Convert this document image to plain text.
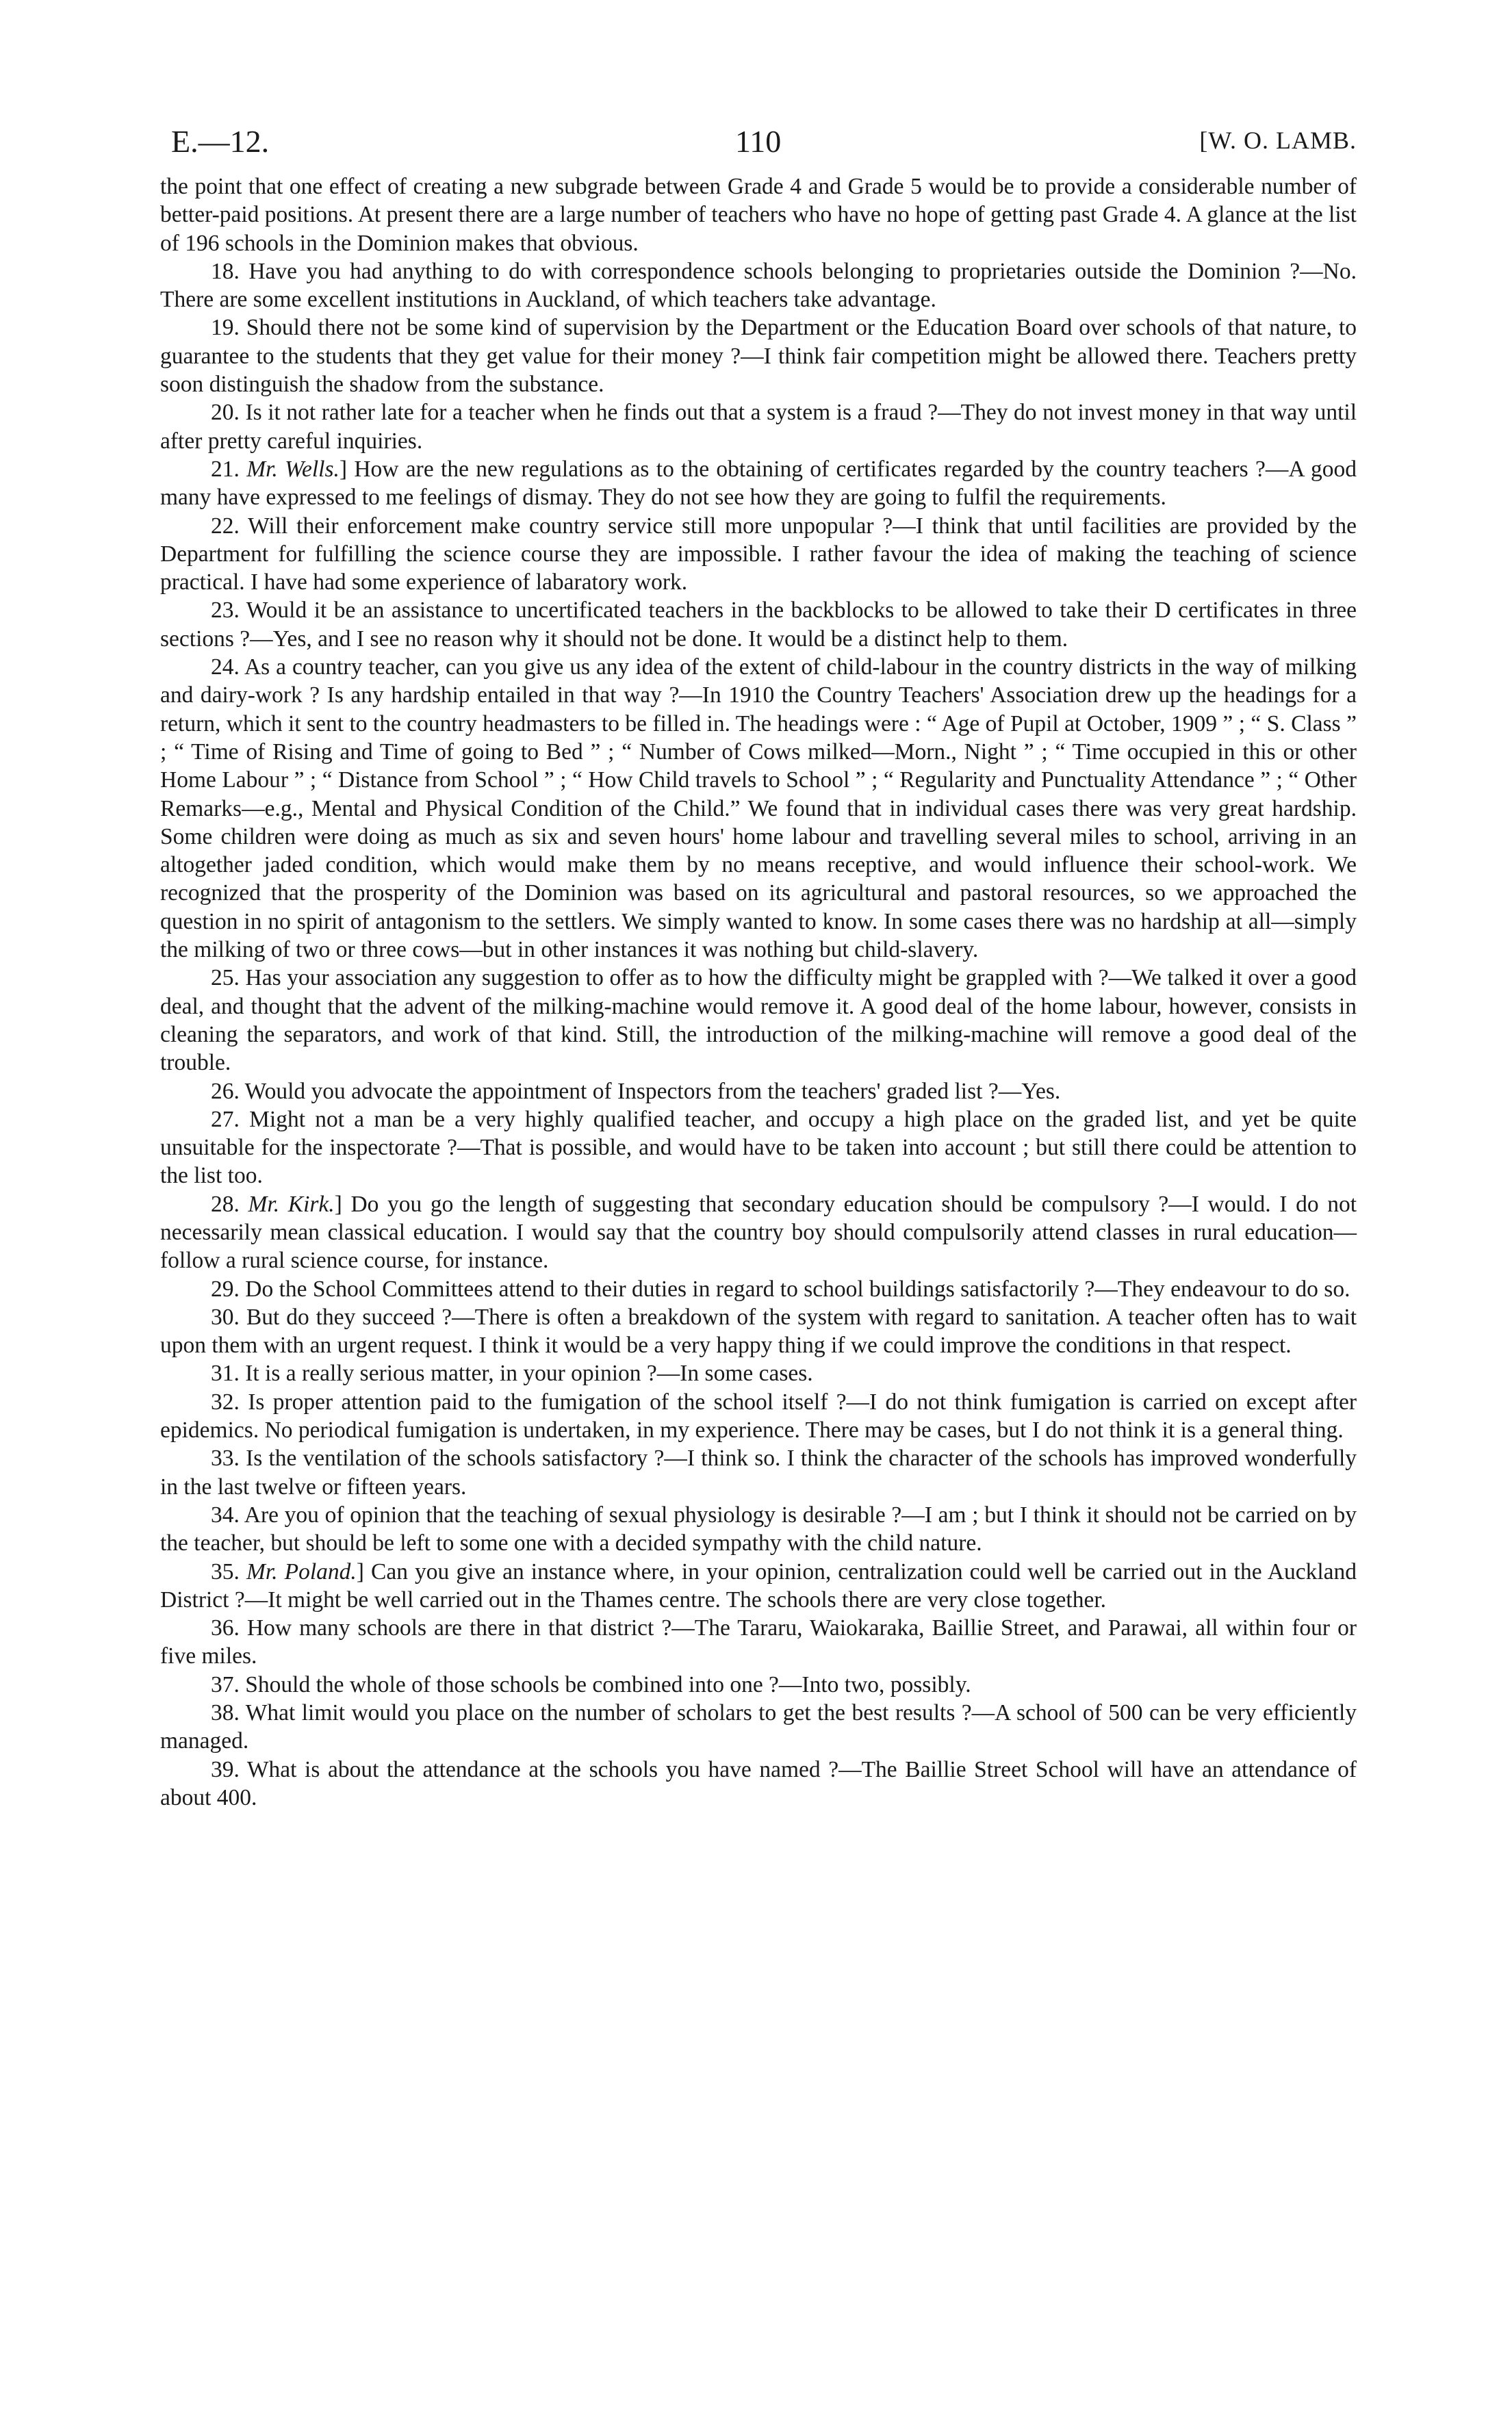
E.—12.	110	[W. O. LAMB.

the point that one effect of creating a new subgrade between Grade 4 and Grade 5 would be to provide a considerable number of better-paid positions. At present there are a large number of teachers who have no hope of getting past Grade 4. A glance at the list of 196 schools in the Dominion makes that obvious.

18. Have you had anything to do with correspondence schools belonging to proprietaries outside the Dominion ?—No. There are some excellent institutions in Auckland, of which teachers take advantage.

19. Should there not be some kind of supervision by the Department or the Education Board over schools of that nature, to guarantee to the students that they get value for their money ?—I think fair competition might be allowed there. Teachers pretty soon distinguish the shadow from the substance.

20. Is it not rather late for a teacher when he finds out that a system is a fraud ?—They do not invest money in that way until after pretty careful inquiries.

21. Mr. Wells.] How are the new regulations as to the obtaining of certificates regarded by the country teachers ?—A good many have expressed to me feelings of dismay. They do not see how they are going to fulfil the requirements.

22. Will their enforcement make country service still more unpopular ?—I think that until facilities are provided by the Department for fulfilling the science course they are impossible. I rather favour the idea of making the teaching of science practical. I have had some experience of labaratory work.

23. Would it be an assistance to uncertificated teachers in the backblocks to be allowed to take their D certificates in three sections ?—Yes, and I see no reason why it should not be done. It would be a distinct help to them.

24. As a country teacher, can you give us any idea of the extent of child-labour in the country districts in the way of milking and dairy-work ? Is any hardship entailed in that way ?—In 1910 the Country Teachers' Association drew up the headings for a return, which it sent to the country headmasters to be filled in. The headings were : “ Age of Pupil at October, 1909 ” ; “ S. Class ” ; “ Time of Rising and Time of going to Bed ” ; “ Number of Cows milked—Morn., Night ” ; “ Time occupied in this or other Home Labour ” ; “ Distance from School ” ; “ How Child travels to School ” ; “ Regularity and Punctuality Attendance ” ; “ Other Remarks—e.g., Mental and Physical Condition of the Child.” We found that in individual cases there was very great hardship. Some children were doing as much as six and seven hours' home labour and travelling several miles to school, arriving in an altogether jaded condition, which would make them by no means receptive, and would influence their school-work. We recognized that the prosperity of the Dominion was based on its agricultural and pastoral resources, so we approached the question in no spirit of antagonism to the settlers. We simply wanted to know. In some cases there was no hardship at all—simply the milking of two or three cows—but in other instances it was nothing but child-slavery.

25. Has your association any suggestion to offer as to how the difficulty might be grappled with ?—We talked it over a good deal, and thought that the advent of the milking-machine would remove it. A good deal of the home labour, however, consists in cleaning the separators, and work of that kind. Still, the introduction of the milking-machine will remove a good deal of the trouble.

26. Would you advocate the appointment of Inspectors from the teachers' graded list ?—Yes.

27. Might not a man be a very highly qualified teacher, and occupy a high place on the graded list, and yet be quite unsuitable for the inspectorate ?—That is possible, and would have to be taken into account ; but still there could be attention to the list too.

28. Mr. Kirk.] Do you go the length of suggesting that secondary education should be compulsory ?—I would. I do not necessarily mean classical education. I would say that the country boy should compulsorily attend classes in rural education—follow a rural science course, for instance.

29. Do the School Committees attend to their duties in regard to school buildings satisfactorily ?—They endeavour to do so.

30. But do they succeed ?—There is often a breakdown of the system with regard to sanitation. A teacher often has to wait upon them with an urgent request. I think it would be a very happy thing if we could improve the conditions in that respect.

31. It is a really serious matter, in your opinion ?—In some cases.

32. Is proper attention paid to the fumigation of the school itself ?—I do not think fumigation is carried on except after epidemics. No periodical fumigation is undertaken, in my experience. There may be cases, but I do not think it is a general thing.

33. Is the ventilation of the schools satisfactory ?—I think so. I think the character of the schools has improved wonderfully in the last twelve or fifteen years.

34. Are you of opinion that the teaching of sexual physiology is desirable ?—I am ; but I think it should not be carried on by the teacher, but should be left to some one with a decided sympathy with the child nature.

35. Mr. Poland.] Can you give an instance where, in your opinion, centralization could well be carried out in the Auckland District ?—It might be well carried out in the Thames centre. The schools there are very close together.

36. How many schools are there in that district ?—The Tararu, Waiokaraka, Baillie Street, and Parawai, all within four or five miles.

37. Should the whole of those schools be combined into one ?—Into two, possibly.

38. What limit would you place on the number of scholars to get the best results ?—A school of 500 can be very efficiently managed.

39. What is about the attendance at the schools you have named ?—The Baillie Street School will have an attendance of about 400.
